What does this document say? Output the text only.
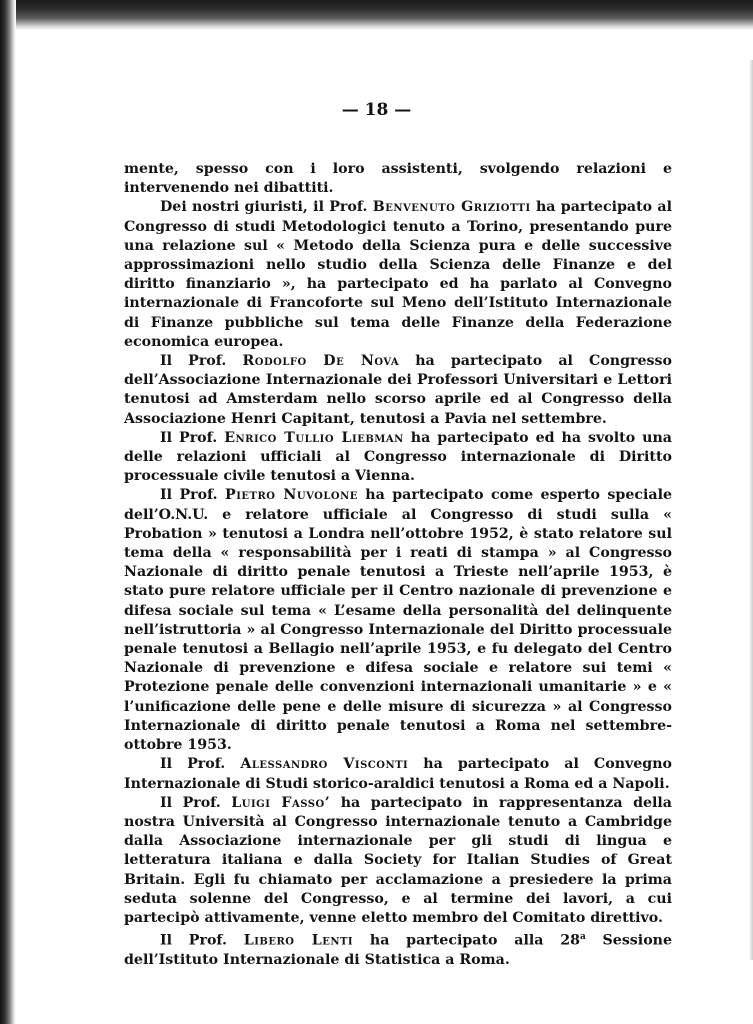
— 18 —

mente, spesso con i loro assistenti, svolgendo relazioni e intervenendo nei dibattiti.

Dei nostri giuristi, il Prof. Benvenuto Griziotti ha partecipato al Congresso di studi Metodologici tenuto a Torino, presentando pure una relazione sul « Metodo della Scienza pura e delle successive approssimazioni nello studio della Scienza delle Finanze e del diritto finanziario », ha partecipato ed ha parlato al Convegno internazionale di Francoforte sul Meno dell’Istituto Internazionale di Finanze pubbliche sul tema delle Finanze della Federazione economica europea.

Il Prof. Rodolfo De Nova ha partecipato al Congresso dell’Associazione Internazionale dei Professori Universitari e Lettori tenutosi ad Amsterdam nello scorso aprile ed al Congresso della Associazione Henri Capitant, tenutosi a Pavia nel settembre.

Il Prof. Enrico Tullio Liebman ha partecipato ed ha svolto una delle relazioni ufficiali al Congresso internazionale di Diritto processuale civile tenutosi a Vienna.

Il Prof. Pietro Nuvolone ha partecipato come esperto speciale dell’O.N.U. e relatore ufficiale al Congresso di studi sulla « Probation » tenutosi a Londra nell’ottobre 1952, è stato relatore sul tema della « responsabilità per i reati di stampa » al Congresso Nazionale di diritto penale tenutosi a Trieste nell’aprile 1953, è stato pure relatore ufficiale per il Centro nazionale di prevenzione e difesa sociale sul tema « L’esame della personalità del delinquente nell’istruttoria » al Congresso Internazionale del Diritto processuale penale tenutosi a Bellagio nell’aprile 1953, e fu delegato del Centro Nazionale di prevenzione e difesa sociale e relatore sui temi « Protezione penale delle convenzioni internazionali umanitarie » e « l’unificazione delle pene e delle misure di sicurezza » al Congresso Internazionale di diritto penale tenutosi a Roma nel settembre-ottobre 1953.

Il Prof. Alessandro Visconti ha partecipato al Convegno Internazionale di Studi storico-araldici tenutosi a Roma ed a Napoli.

Il Prof. Luigi Fasso’ ha partecipato in rappresentanza della nostra Università al Congresso internazionale tenuto a Cambridge dalla Associazione internazionale per gli studi di lingua e letteratura italiana e dalla Society for Italian Studies of Great Britain. Egli fu chiamato per acclamazione a presiedere la prima seduta solenne del Congresso, e al termine dei lavori, a cui partecipò attivamente, venne eletto membro del Comitato direttivo.

Il Prof. Libero Lenti ha partecipato alla 28$^a$ Sessione dell’Istituto Internazionale di Statistica a Roma.
